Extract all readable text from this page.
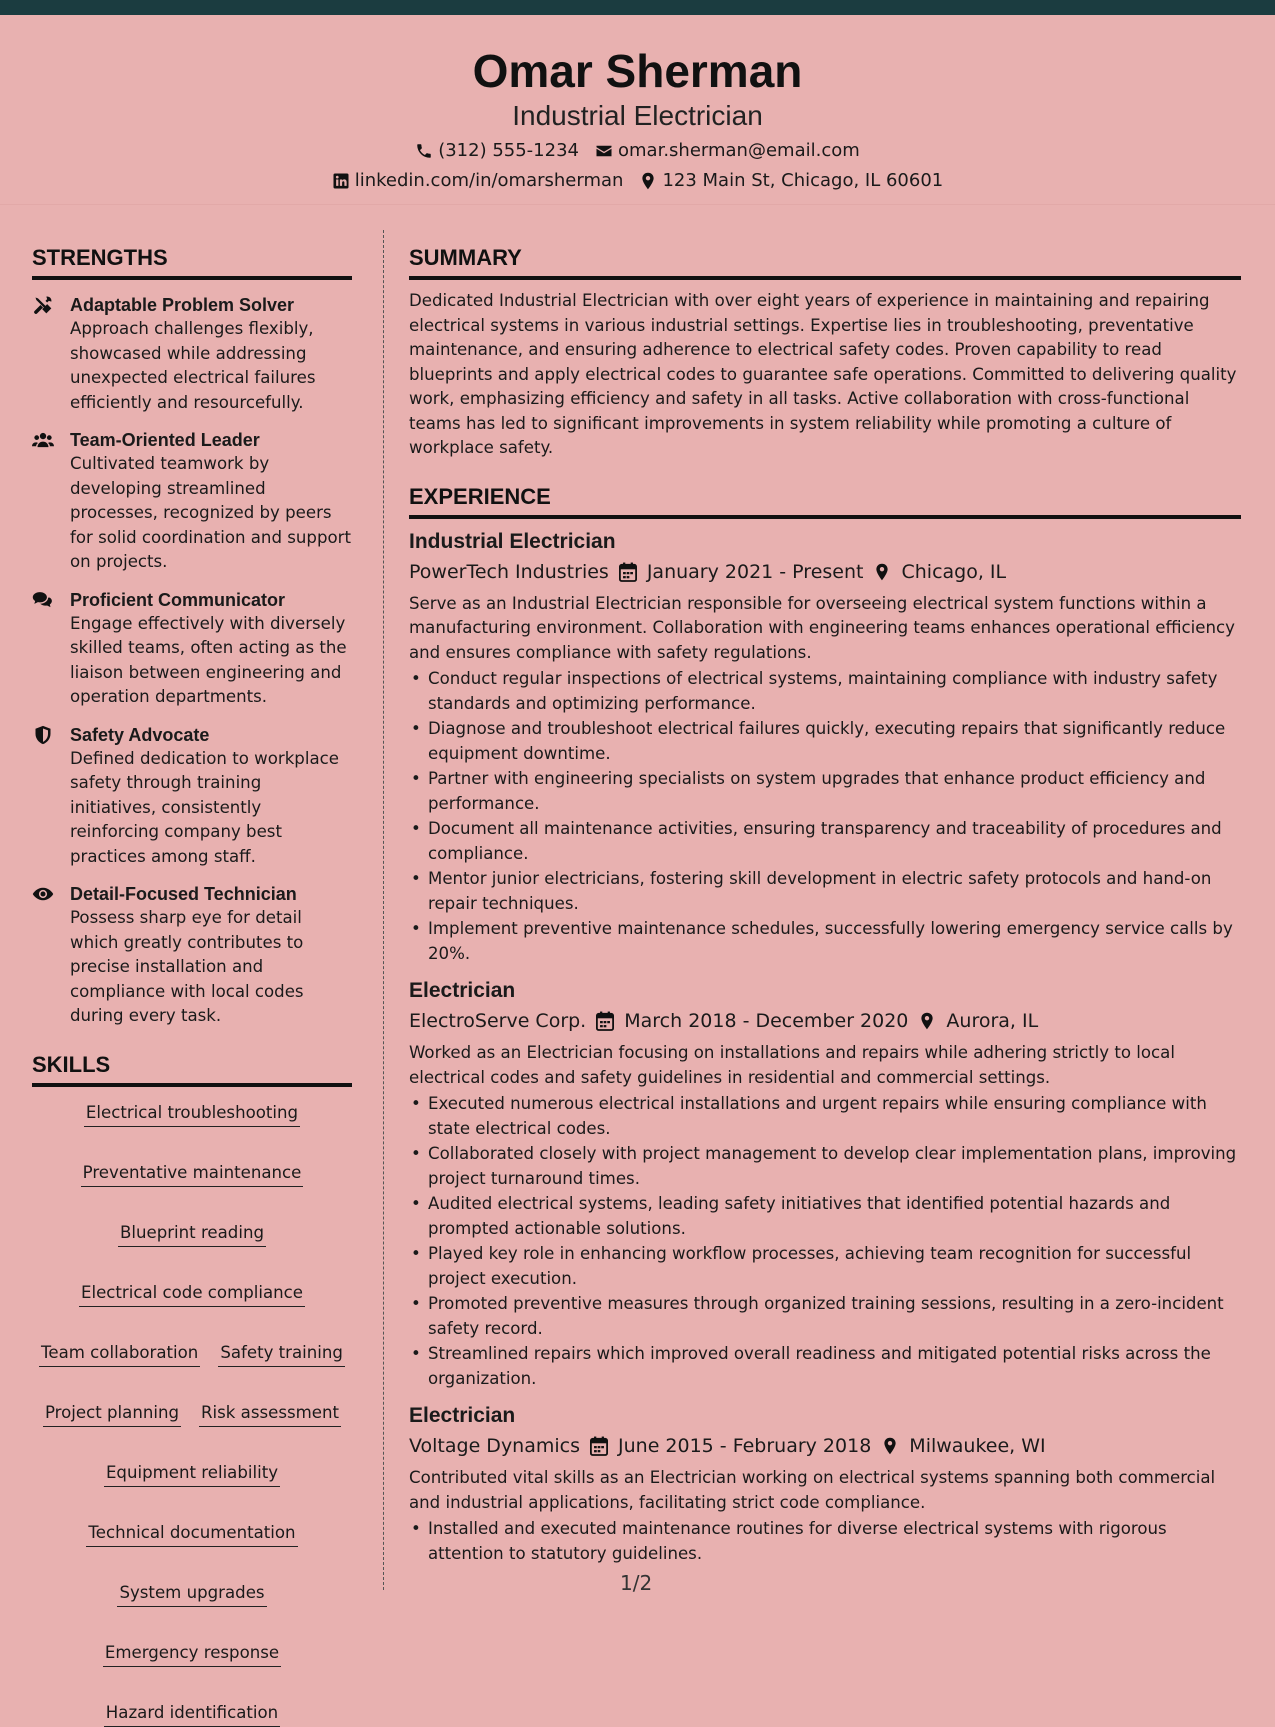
Omar Sherman
Industrial Electrician
(312) 555-1234 omar.sherman@email.com
linkedin.com/in/omarsherman 123 Main St, Chicago, IL 60601
STRENGTHS
Adaptable Problem Solver
Approach challenges flexibly, showcased while addressing unexpected electrical failures efficiently and resourcefully.
Team-Oriented Leader
Cultivated teamwork by developing streamlined processes, recognized by peers for solid coordination and support on projects.
Proficient Communicator
Engage effectively with diversely skilled teams, often acting as the liaison between engineering and operation departments.
Safety Advocate
Defined dedication to workplace safety through training initiatives, consistently reinforcing company best practices among staff.
Detail-Focused Technician
Possess sharp eye for detail which greatly contributes to precise installation and compliance with local codes during every task.
SKILLS
Electrical troubleshooting
Preventative maintenance
Blueprint reading
Electrical code compliance
Team collaboration Safety training
Project planning Risk assessment
Equipment reliability
Technical documentation
System upgrades
Emergency response
Hazard identification
SUMMARY
Dedicated Industrial Electrician with over eight years of experience in maintaining and repairing electrical systems in various industrial settings. Expertise lies in troubleshooting, preventative maintenance, and ensuring adherence to electrical safety codes. Proven capability to read blueprints and apply electrical codes to guarantee safe operations. Committed to delivering quality work, emphasizing efficiency and safety in all tasks. Active collaboration with cross-functional teams has led to significant improvements in system reliability while promoting a culture of workplace safety.
EXPERIENCE
Industrial Electrician
PowerTech Industries January 2021 - Present Chicago, IL
Serve as an Industrial Electrician responsible for overseeing electrical system functions within a manufacturing environment. Collaboration with engineering teams enhances operational efficiency and ensures compliance with safety regulations.
• Conduct regular inspections of electrical systems, maintaining compliance with industry safety standards and optimizing performance.
• Diagnose and troubleshoot electrical failures quickly, executing repairs that significantly reduce equipment downtime.
• Partner with engineering specialists on system upgrades that enhance product efficiency and performance.
• Document all maintenance activities, ensuring transparency and traceability of procedures and compliance.
• Mentor junior electricians, fostering skill development in electric safety protocols and hand-on repair techniques.
• Implement preventive maintenance schedules, successfully lowering emergency service calls by 20%.
Electrician
ElectroServe Corp. March 2018 - December 2020 Aurora, IL
Worked as an Electrician focusing on installations and repairs while adhering strictly to local electrical codes and safety guidelines in residential and commercial settings.
• Executed numerous electrical installations and urgent repairs while ensuring compliance with state electrical codes.
• Collaborated closely with project management to develop clear implementation plans, improving project turnaround times.
• Audited electrical systems, leading safety initiatives that identified potential hazards and prompted actionable solutions.
• Played key role in enhancing workflow processes, achieving team recognition for successful project execution.
• Promoted preventive measures through organized training sessions, resulting in a zero-incident safety record.
• Streamlined repairs which improved overall readiness and mitigated potential risks across the organization.
Electrician
Voltage Dynamics June 2015 - February 2018 Milwaukee, WI
Contributed vital skills as an Electrician working on electrical systems spanning both commercial and industrial applications, facilitating strict code compliance.
• Installed and executed maintenance routines for diverse electrical systems with rigorous attention to statutory guidelines.
1/2
